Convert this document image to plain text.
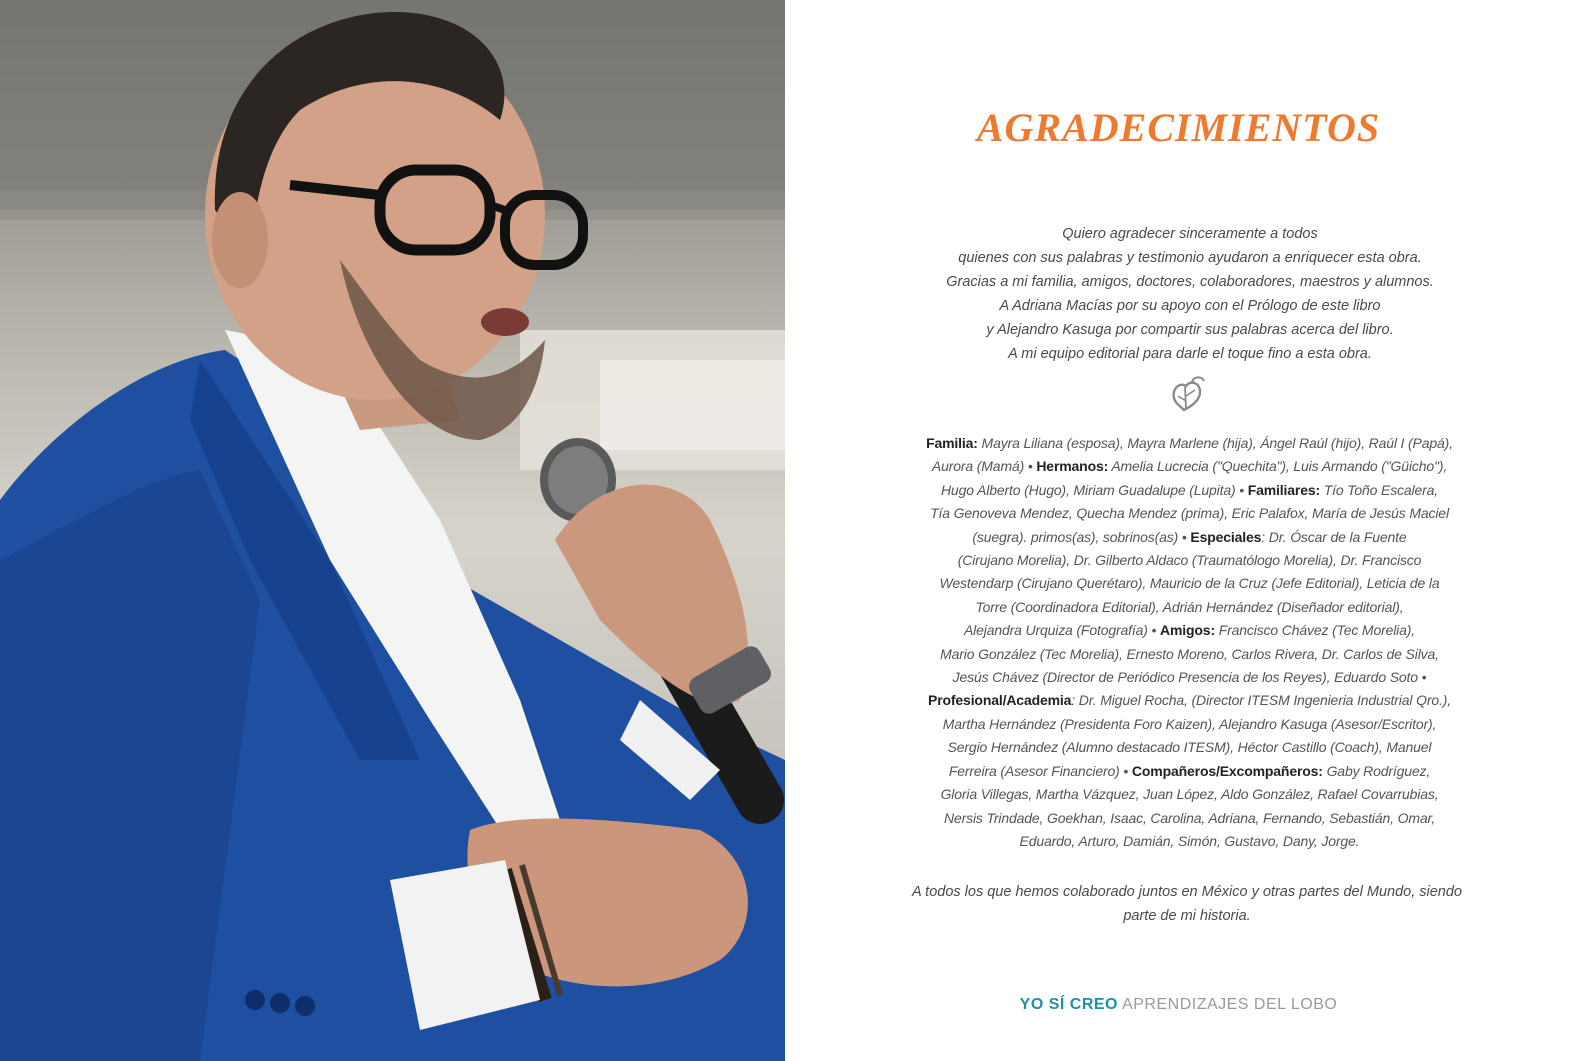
AGRADECIMIENTOS
Quiero agradecer sinceramente a todos
quienes con sus palabras y testimonio ayudaron a enriquecer esta obra.
Gracias a mi familia, amigos, doctores, colaboradores, maestros y alumnos.
A Adriana Macías por su apoyo con el Prólogo de este libro
y Alejandro Kasuga por compartir sus palabras acerca del libro.
A mi equipo editorial para darle el toque fino a esta obra.
Familia: Mayra Liliana (esposa), Mayra Marlene (hija), Ángel Raúl (hijo), Raúl I (Papá),
Aurora (Mamá) • Hermanos: Amelia Lucrecia ("Quechita"), Luis Armando ("Güicho"),
Hugo Alberto (Hugo), Miriam Guadalupe (Lupita) • Familiares: Tío Toño Escalera,
Tía Genoveva Mendez, Quecha Mendez (prima), Eric Palafox, María de Jesús Maciel
(suegra). primos(as), sobrinos(as) • Especiales: Dr. Óscar de la Fuente
(Cirujano Morelia), Dr. Gilberto Aldaco (Traumatólogo Morelia), Dr. Francisco
Westendarp (Cirujano Querétaro), Mauricio de la Cruz (Jefe Editorial), Leticia de la
Torre (Coordinadora Editorial), Adrián Hernández (Diseñador editorial),
Alejandra Urquiza (Fotografía) • Amigos: Francisco Chávez (Tec Morelia),
Mario González (Tec Morelia), Ernesto Moreno, Carlos Rivera, Dr. Carlos de Silva,
Jesús Chávez (Director de Periódico Presencia de los Reyes), Eduardo Soto •
Profesional/Academia: Dr. Miguel Rocha, (Director ITESM Ingenieria Industrial Qro.),
Martha Hernández (Presidenta Foro Kaizen), Alejandro Kasuga (Asesor/Escritor),
Sergio Hernández (Alumno destacado ITESM), Héctor Castillo (Coach), Manuel
Ferreira (Asesor Financiero) • Compañeros/Excompañeros: Gaby Rodríguez,
Gloria Villegas, Martha Vázquez, Juan López, Aldo González, Rafael Covarrubias,
Nersis Trindade, Goekhan, Isaac, Carolina, Adriana, Fernando, Sebastián, Omar,
Eduardo, Arturo, Damián, Simón, Gustavo, Dany, Jorge.
A todos los que hemos colaborado juntos en México y otras partes del Mundo, siendo
parte de mi historia.
YO SÍ CREO APRENDIZAJES DEL LOBO
